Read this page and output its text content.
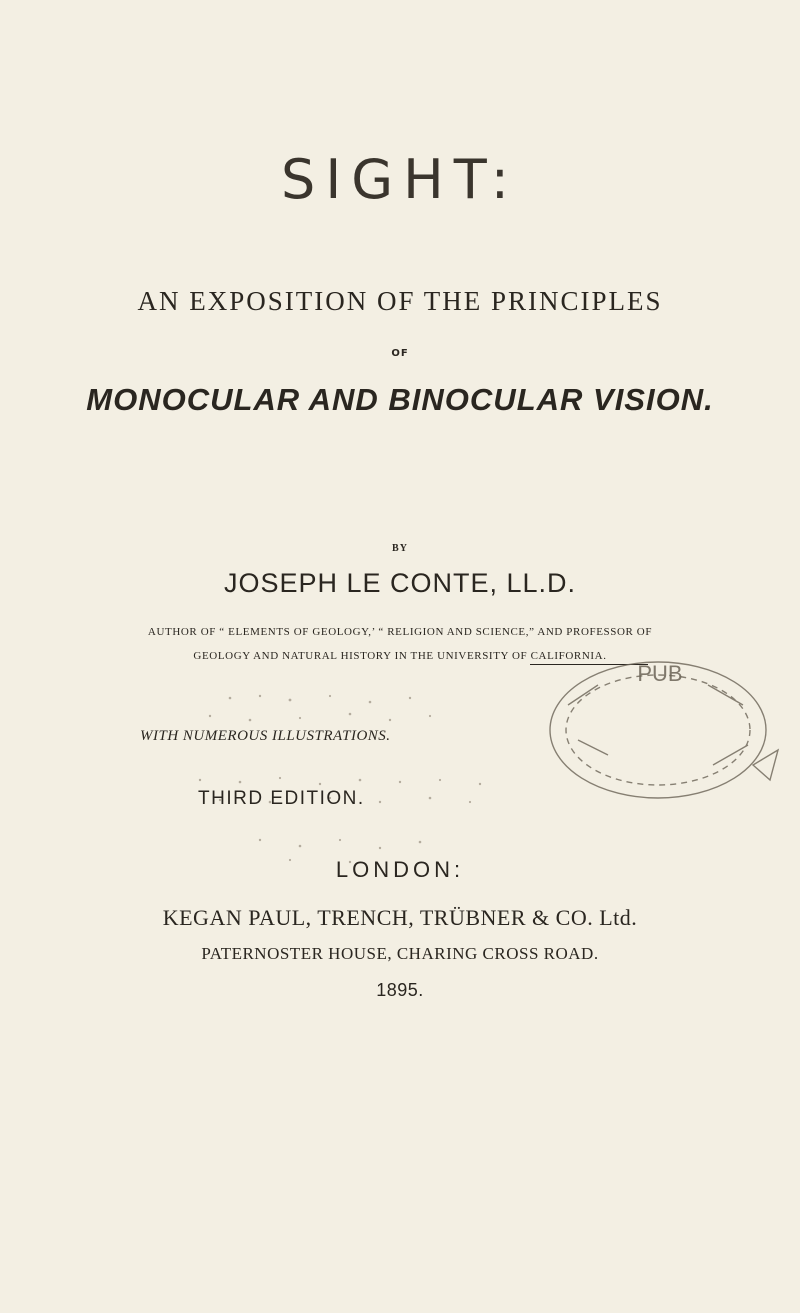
SIGHT:
AN EXPOSITION OF THE PRINCIPLES
OF
MONOCULAR AND BINOCULAR VISION.
BY
JOSEPH LE CONTE, LL.D.
AUTHOR OF “ ELEMENTS OF GEOLOGY,’ “ RELIGION AND SCIENCE,” AND PROFESSOR OF
GEOLOGY AND NATURAL HISTORY IN THE UNIVERSITY OF CALIFORNIA.
WITH NUMEROUS ILLUSTRATIONS.
THIRD EDITION.
PUB
LONDON:
KEGAN PAUL, TRENCH, TRÜBNER & CO. Ltd.
PATERNOSTER HOUSE, CHARING CROSS ROAD.
1895.
